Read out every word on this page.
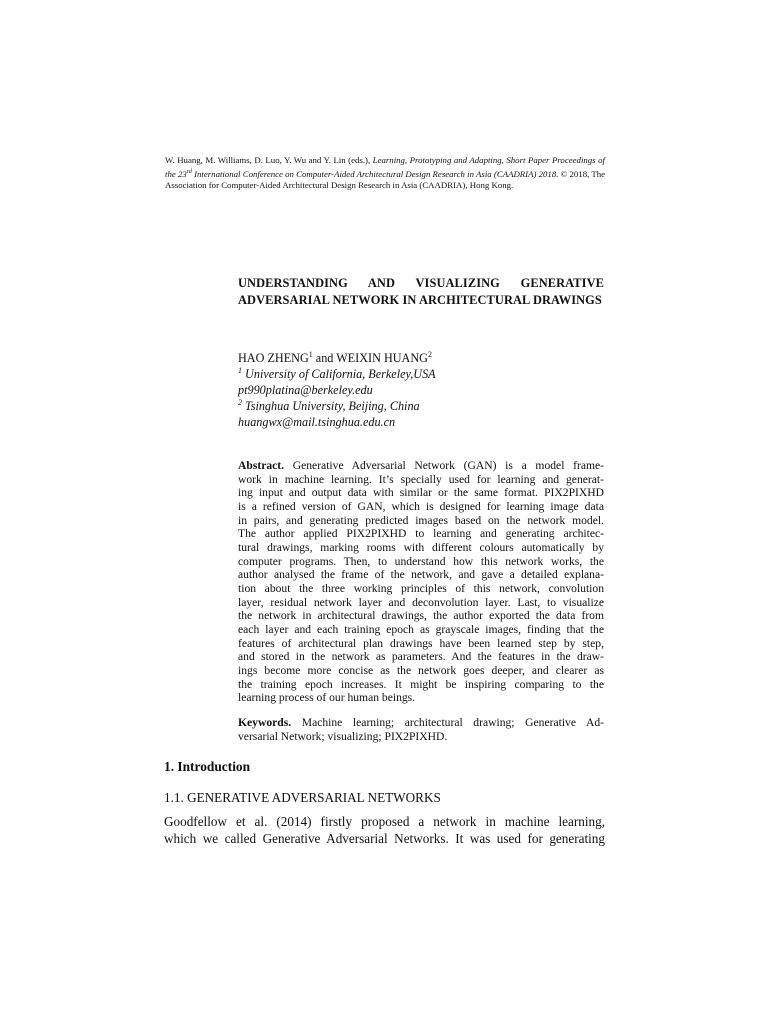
W. Huang, M. Williams, D. Luo, Y. Wu and Y. Lin (eds.), Learning, Prototyping and Adapting, Short Paper Proceedings of the 23rd International Conference on Computer-Aided Architectural Design Research in Asia (CAADRIA) 2018. © 2018, The Association for Computer-Aided Architectural Design Research in Asia (CAADRIA), Hong Kong.
UNDERSTANDING AND VISUALIZING GENERATIVE ADVERSARIAL NETWORK IN ARCHITECTURAL DRAWINGS
HAO ZHENG$^1$ and WEIXIN HUANG$^2$
$^1$ University of California, Berkeley,USA
pt990platina@berkeley.edu
$^2$ Tsinghua University, Beijing, China
huangwx@mail.tsinghua.edu.cn
Abstract. Generative Adversarial Network (GAN) is a model frame-
work in machine learning. It’s specially used for learning and generat-
ing input and output data with similar or the same format. PIX2PIXHD
is a refined version of GAN, which is designed for learning image data
in pairs, and generating predicted images based on the network model.
The author applied PIX2PIXHD to learning and generating architec-
tural drawings, marking rooms with different colours automatically by
computer programs. Then, to understand how this network works, the
author analysed the frame of the network, and gave a detailed explana-
tion about the three working principles of this network, convolution
layer, residual network layer and deconvolution layer. Last, to visualize
the network in architectural drawings, the author exported the data from
each layer and each training epoch as grayscale images, finding that the
features of architectural plan drawings have been learned step by step,
and stored in the network as parameters. And the features in the draw-
ings become more concise as the network goes deeper, and clearer as
the training epoch increases. It might be inspiring comparing to the
learning process of our human beings.
Keywords. Machine learning; architectural drawing; Generative Ad-
versarial Network; visualizing; PIX2PIXHD.
1. Introduction
1.1. GENERATIVE ADVERSARIAL NETWORKS
Goodfellow et al. (2014) firstly proposed a network in machine learning,
which we called Generative Adversarial Networks. It was used for generating
